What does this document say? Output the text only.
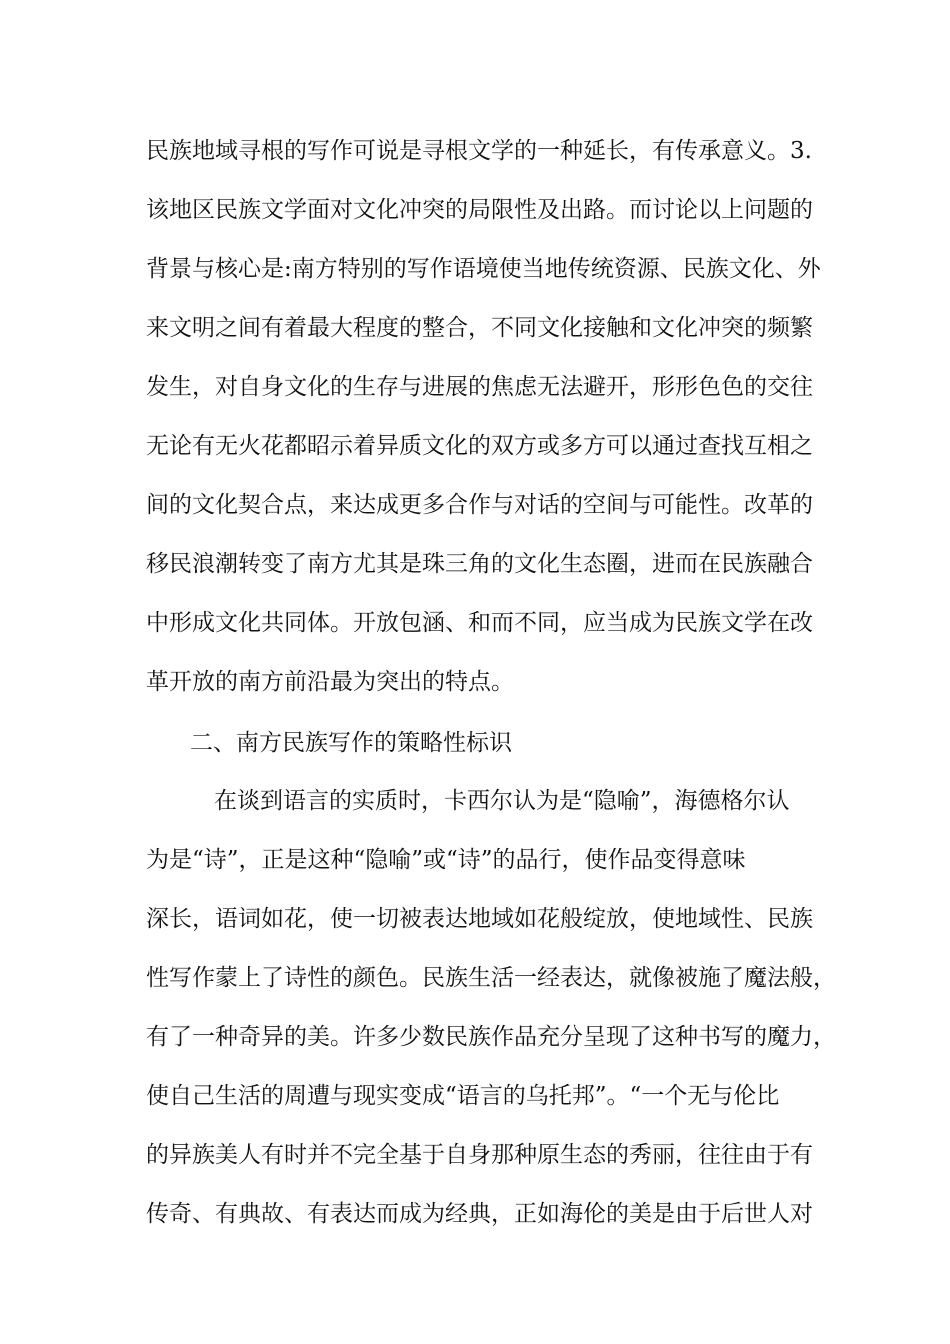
民族地域寻根的写作可说是寻根文学的一种延长，有传承意义。3.
该地区民族文学面对文化冲突的局限性及出路。而讨论以上问题的
背景与核心是:南方特别的写作语境使当地传统资源、民族文化、外
来文明之间有着最大程度的整合，不同文化接触和文化冲突的频繁
发生，对自身文化的生存与进展的焦虑无法避开，形形色色的交往
无论有无火花都昭示着异质文化的双方或多方可以通过查找互相之
间的文化契合点，来达成更多合作与对话的空间与可能性。改革的
移民浪潮转变了南方尤其是珠三角的文化生态圈，进而在民族融合
中形成文化共同体。开放包涵、和而不同，应当成为民族文学在改
革开放的南方前沿最为突出的特点。
二、南方民族写作的策略性标识
在谈到语言的实质时，卡西尔认为是“隐喻”，海德格尔认
为是“诗”，正是这种“隐喻”或“诗”的品行，使作品变得意味
深长，语词如花，使一切被表达地域如花般绽放，使地域性、民族
性写作蒙上了诗性的颜色。民族生活一经表达，就像被施了魔法般，
有了一种奇异的美。许多少数民族作品充分呈现了这种书写的魔力，
使自己生活的周遭与现实变成“语言的乌托邦”。“一个无与伦比
的异族美人有时并不完全基于自身那种原生态的秀丽，往往由于有
传奇、有典故、有表达而成为经典，正如海伦的美是由于后世人对
